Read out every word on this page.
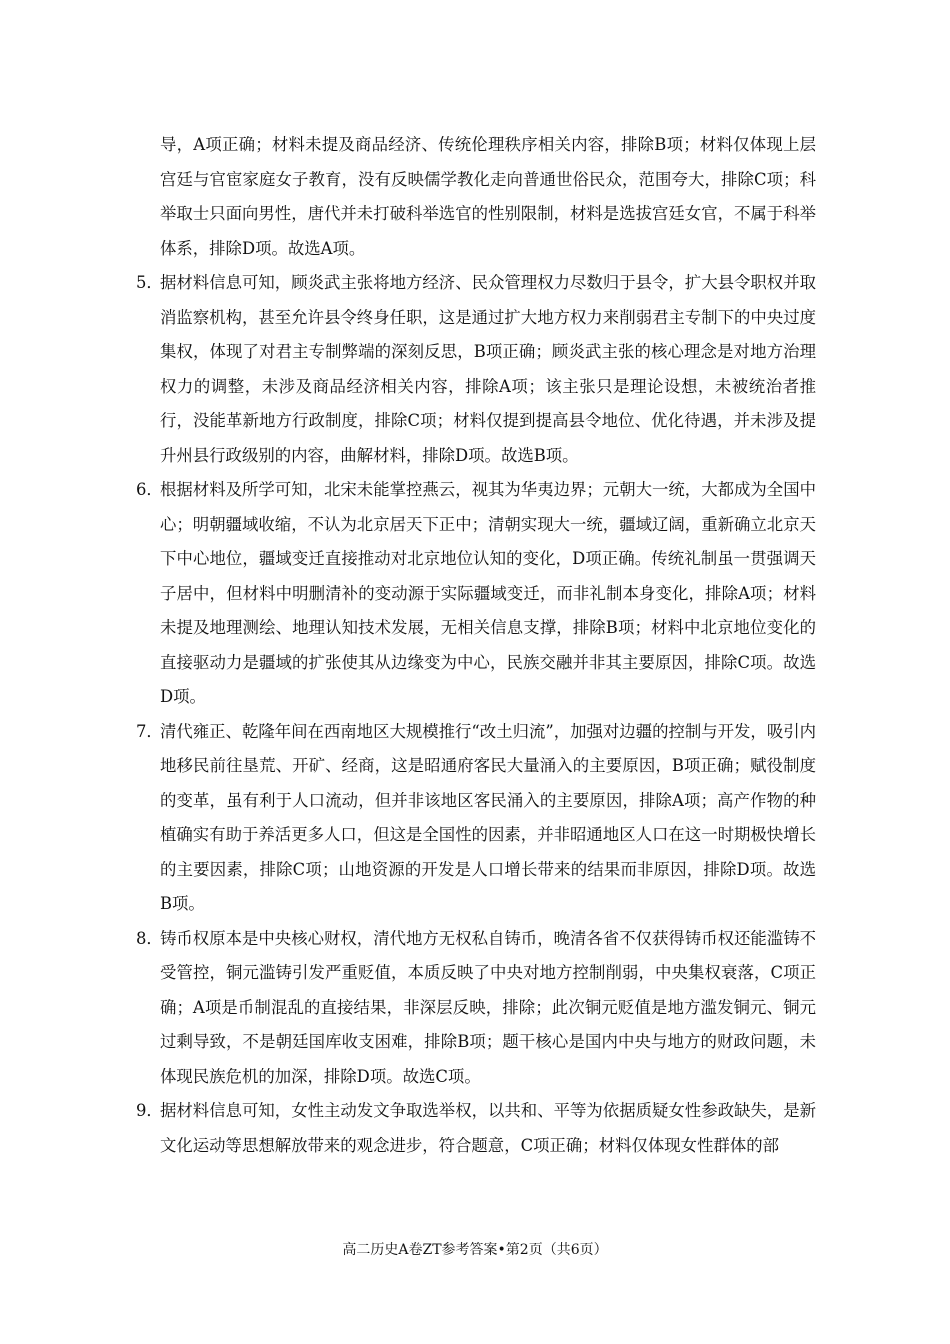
导，A项正确；材料未提及商品经济、传统伦理秩序相关内容，排除B项；材料仅体现上层宫廷与官宦家庭女子教育，没有反映儒学教化走向普通世俗民众，范围夸大，排除C项；科举取士只面向男性，唐代并未打破科举选官的性别限制，材料是选拔宫廷女官，不属于科举体系，排除D项。故选A项。

5．

据材料信息可知，顾炎武主张将地方经济、民众管理权力尽数归于县令，扩大县令职权并取消监察机构，甚至允许县令终身任职，这是通过扩大地方权力来削弱君主专制下的中央过度集权，体现了对君主专制弊端的深刻反思，B项正确；顾炎武主张的核心理念是对地方治理权力的调整，未涉及商品经济相关内容，排除A项；该主张只是理论设想，未被统治者推行，没能革新地方行政制度，排除C项；材料仅提到提高县令地位、优化待遇，并未涉及提升州县行政级别的内容，曲解材料，排除D项。故选B项。

6．

根据材料及所学可知，北宋未能掌控燕云，视其为华夷边界；元朝大一统，大都成为全国中心；明朝疆域收缩，不认为北京居天下正中；清朝实现大一统，疆域辽阔，重新确立北京天下中心地位，疆域变迁直接推动对北京地位认知的变化，D项正确。传统礼制虽一贯强调天子居中，但材料中明删清补的变动源于实际疆域变迁，而非礼制本身变化，排除A项；材料未提及地理测绘、地理认知技术发展，无相关信息支撑，排除B项；材料中北京地位变化的直接驱动力是疆域的扩张使其从边缘变为中心，民族交融并非其主要原因，排除C项。故选D项。

7．

清代雍正、乾隆年间在西南地区大规模推行“改土归流”，加强对边疆的控制与开发，吸引内地移民前往垦荒、开矿、经商，这是昭通府客民大量涌入的主要原因，B项正确；赋役制度的变革，虽有利于人口流动，但并非该地区客民涌入的主要原因，排除A项；高产作物的种植确实有助于养活更多人口，但这是全国性的因素，并非昭通地区人口在这一时期极快增长的主要因素，排除C项；山地资源的开发是人口增长带来的结果而非原因，排除D项。故选B项。

8．

铸币权原本是中央核心财权，清代地方无权私自铸币，晚清各省不仅获得铸币权还能滥铸不受管控，铜元滥铸引发严重贬值，本质反映了中央对地方控制削弱，中央集权衰落，C项正确；A项是币制混乱的直接结果，非深层反映，排除；此次铜元贬值是地方滥发铜元、铜元过剩导致，不是朝廷国库收支困难，排除B项；题干核心是国内中央与地方的财政问题，未体现民族危机的加深，排除D项。故选C项。

9．

据材料信息可知，女性主动发文争取选举权，以共和、平等为依据质疑女性参政缺失，是新文化运动等思想解放带来的观念进步，符合题意，C项正确；材料仅体现女性群体的部

高二历史A卷ZT参考答案•第2页（共6页）
